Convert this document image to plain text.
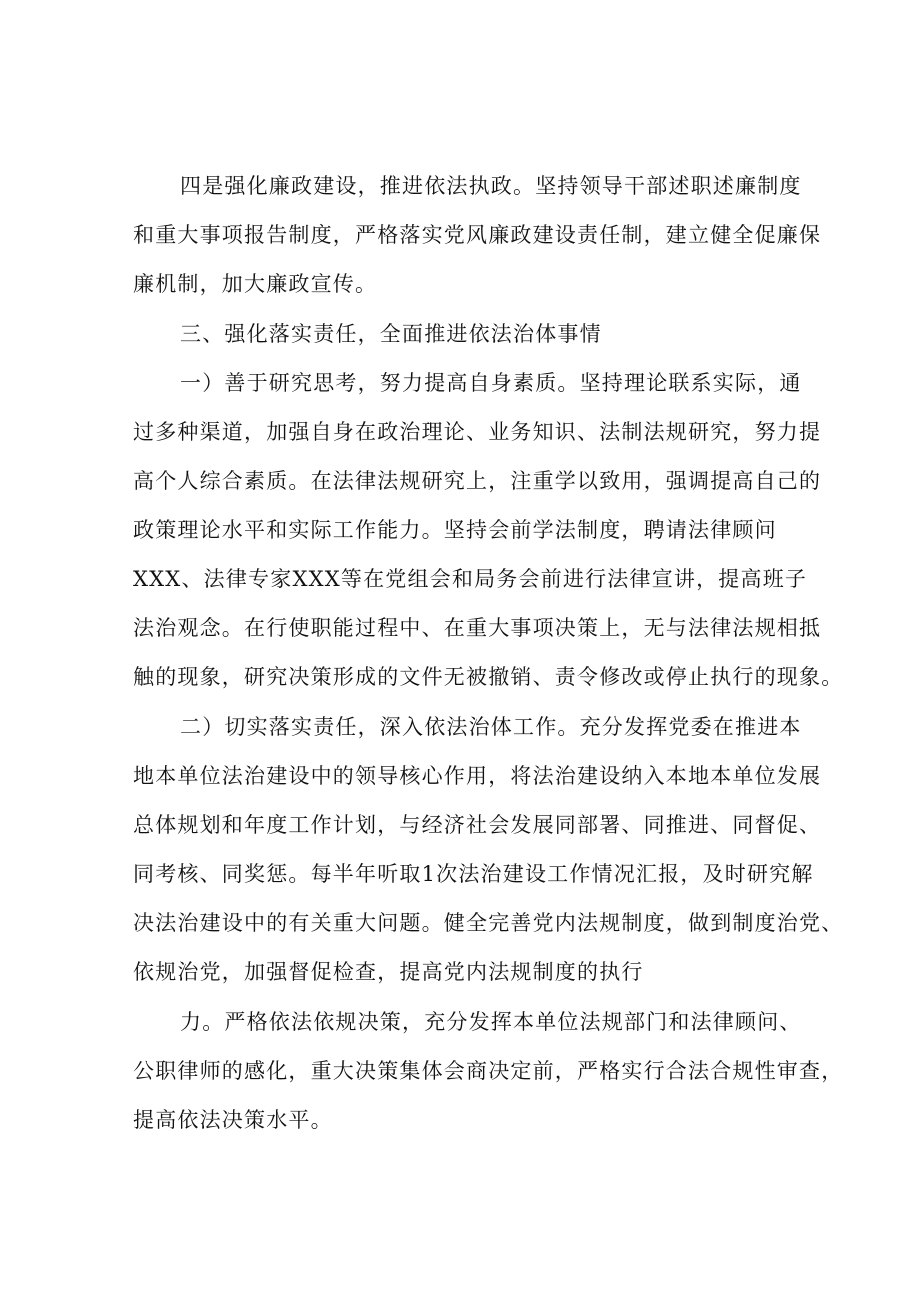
四是强化廉政建设，推进依法执政。坚持领导干部述职述廉制度
和重大事项报告制度，严格落实党风廉政建设责任制，建立健全促廉保
廉机制，加大廉政宣传。
三、强化落实责任，全面推进依法治体事情
一）善于研究思考，努力提高自身素质。坚持理论联系实际，通
过多种渠道，加强自身在政治理论、业务知识、法制法规研究，努力提
高个人综合素质。在法律法规研究上，注重学以致用，强调提高自己的
政策理论水平和实际工作能力。坚持会前学法制度，聘请法律顾问
XXX、法律专家XXX等在党组会和局务会前进行法律宣讲，提高班子
法治观念。在行使职能过程中、在重大事项决策上，无与法律法规相抵
触的现象，研究决策形成的文件无被撤销、责令修改或停止执行的现象。
二）切实落实责任，深入依法治体工作。充分发挥党委在推进本
地本单位法治建设中的领导核心作用，将法治建设纳入本地本单位发展
总体规划和年度工作计划，与经济社会发展同部署、同推进、同督促、
同考核、同奖惩。每半年听取1次法治建设工作情况汇报，及时研究解
决法治建设中的有关重大问题。健全完善党内法规制度，做到制度治党、
依规治党，加强督促检查，提高党内法规制度的执行
力。严格依法依规决策，充分发挥本单位法规部门和法律顾问、
公职律师的感化，重大决策集体会商决定前，严格实行合法合规性审查，
提高依法决策水平。
